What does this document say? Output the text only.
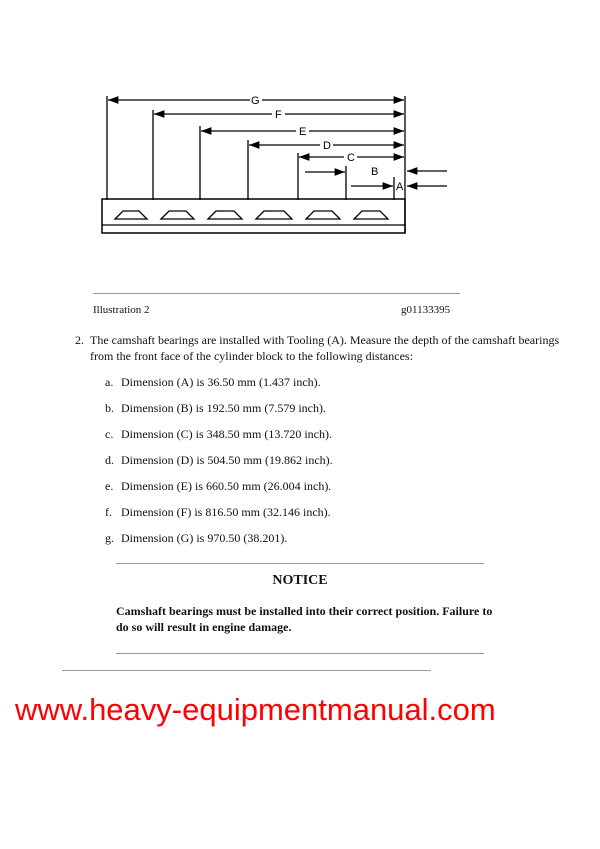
G
F
E
D
C
B
A
Illustration 2	g01133395
2. The camshaft bearings are installed with Tooling (A). Measure the depth of the camshaft bearings from the front face of the cylinder block to the following distances:
a. Dimension (A) is 36.50 mm (1.437 inch).
b. Dimension (B) is 192.50 mm (7.579 inch).
c. Dimension (C) is 348.50 mm (13.720 inch).
d. Dimension (D) is 504.50 mm (19.862 inch).
e. Dimension (E) is 660.50 mm (26.004 inch).
f. Dimension (F) is 816.50 mm (32.146 inch).
g. Dimension (G) is 970.50 (38.201).
NOTICE
Camshaft bearings must be installed into their correct position. Failure to do so will result in engine damage.
www.heavy-equipmentmanual.com
